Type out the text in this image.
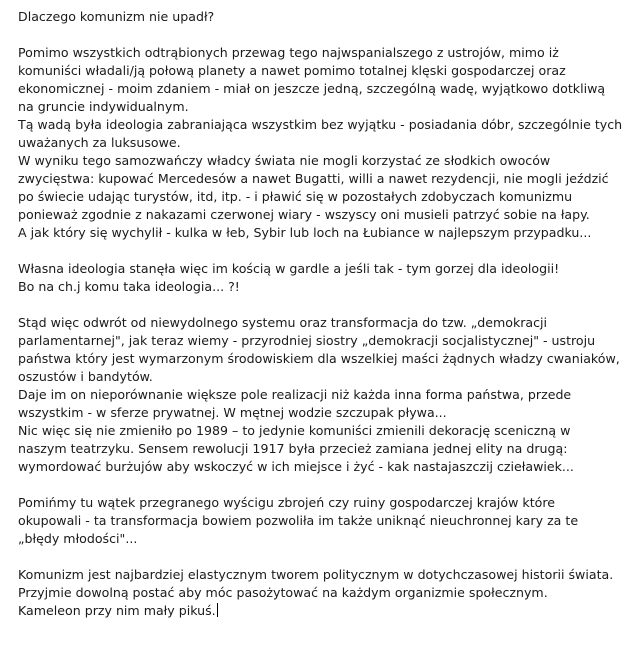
Dlaczego komunizm nie upadł?
Pomimo wszystkich odtrąbionych przewag tego najwspanialszego z ustrojów, mimo iż
komuniści władali/ją połową planety a nawet pomimo totalnej klęski gospodarczej oraz
ekonomicznej - moim zdaniem - miał on jeszcze jedną, szczególną wadę, wyjątkowo dotkliwą
na gruncie indywidualnym.
Tą wadą była ideologia zabraniająca wszystkim bez wyjątku - posiadania dóbr, szczególnie tych
uważanych za luksusowe.
W wyniku tego samozwańczy władcy świata nie mogli korzystać ze słodkich owoców
zwycięstwa: kupować Mercedesów a nawet Bugatti, willi a nawet rezydencji, nie mogli jeździć
po świecie udając turystów, itd, itp. - i pławić się w pozostałych zdobyczach komunizmu
ponieważ zgodnie z nakazami czerwonej wiary - wszyscy oni musieli patrzyć sobie na łapy.
A jak który się wychylił - kulka w łeb, Sybir lub loch na Łubiance w najlepszym przypadku...
Własna ideologia stanęła więc im kością w gardle a jeśli tak - tym gorzej dla ideologii!
Bo na ch.j komu taka ideologia... ?!
Stąd więc odwrót od niewydolnego systemu oraz transformacja do tzw. „demokracji
parlamentarnej", jak teraz wiemy - przyrodniej siostry „demokracji socjalistycznej" - ustroju
państwa który jest wymarzonym środowiskiem dla wszelkiej maści żądnych władzy cwaniaków,
oszustów i bandytów.
Daje im on nieporównanie większe pole realizacji niż każda inna forma państwa, przede
wszystkim - w sferze prywatnej. W mętnej wodzie szczupak pływa...
Nic więc się nie zmieniło po 1989 – to jedynie komuniści zmienili dekorację sceniczną w
naszym teatrzyku. Sensem rewolucji 1917 była przecież zamiana jednej elity na drugą:
wymordować burżujów aby wskoczyć w ich miejsce i żyć - kak nastajaszczij czieławiek...
Pomińmy tu wątek przegranego wyścigu zbrojeń czy ruiny gospodarczej krajów które
okupowali - ta transformacja bowiem pozwoliła im także uniknąć nieuchronnej kary za te
„błędy młodości"...
Komunizm jest najbardziej elastycznym tworem politycznym w dotychczasowej historii świata.
Przyjmie dowolną postać aby móc pasożytować na każdym organizmie społecznym.
Kameleon przy nim mały pikuś.
